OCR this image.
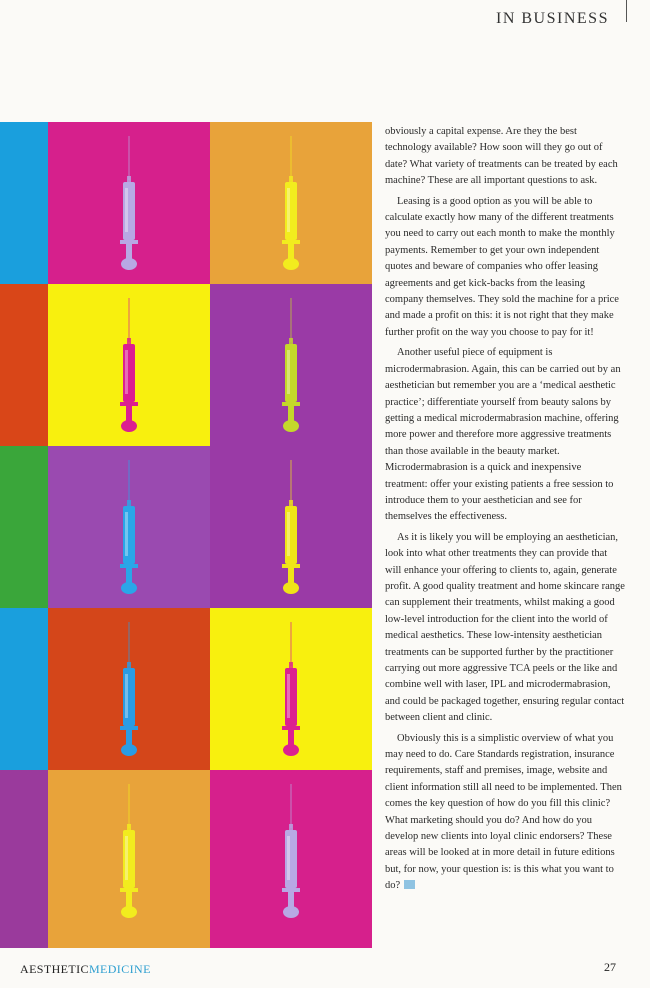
IN BUSINESS

obviously a capital expense. Are they the best technology available? How soon will they go out of date? What variety of treatments can be treated by each machine? These are all important questions to ask.

Leasing is a good option as you will be able to calculate exactly how many of the different treatments you need to carry out each month to make the monthly payments. Remember to get your own independent quotes and beware of companies who offer leasing agreements and get kick-backs from the leasing company themselves. They sold the machine for a price and made a profit on this: it is not right that they make further profit on the way you choose to pay for it!

Another useful piece of equipment is microdermabrasion. Again, this can be carried out by an aesthetician but remember you are a ‘medical aesthetic practice’; differentiate yourself from beauty salons by getting a medical microdermabrasion machine, offering more power and therefore more aggressive treatments than those available in the beauty market. Microdermabrasion is a quick and inexpensive treatment: offer your existing patients a free session to introduce them to your aesthetician and see for themselves the effectiveness.

As it is likely you will be employing an aesthetician, look into what other treatments they can provide that will enhance your offering to clients to, again, generate profit. A good quality treatment and home skincare range can supplement their treatments, whilst making a good low-level introduction for the client into the world of medical aesthetics. These low-intensity aesthetician treatments can be supported further by the practitioner carrying out more aggressive TCA peels or the like and combine well with laser, IPL and microdermabrasion, and could be packaged together, ensuring regular contact between client and clinic.

Obviously this is a simplistic overview of what you may need to do. Care Standards registration, insurance requirements, staff and premises, image, website and client information still all need to be implemented. Then comes the key question of how do you fill this clinic? What marketing should you do? And how do you develop new clients into loyal clinic endorsers? These areas will be looked at in more detail in future editions but, for now, your question is: is this what you want to do?

AESTHETICMEDICINE	27
